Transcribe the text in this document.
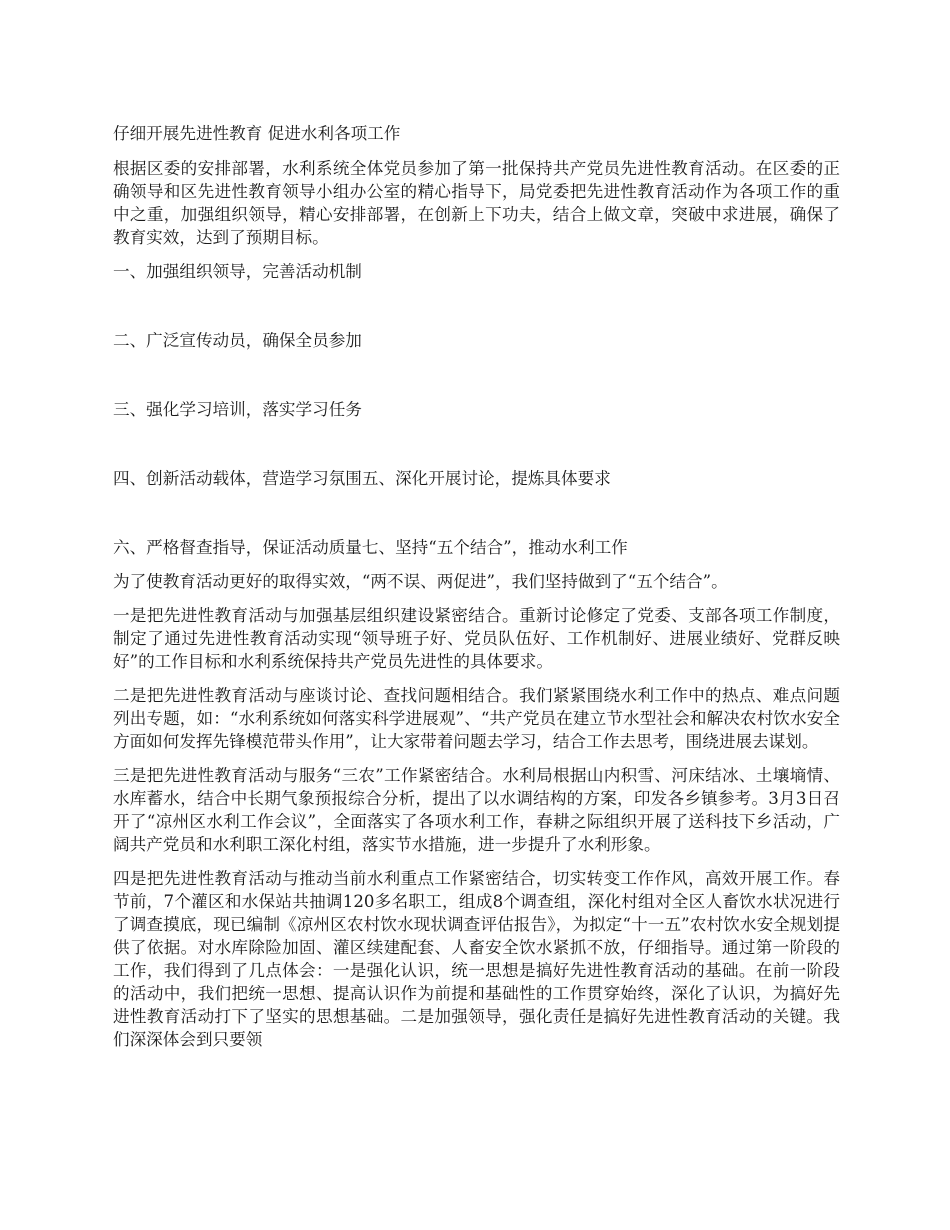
仔细开展先进性教育 促进水利各项工作

根据区委的安排部署，水利系统全体党员参加了第一批保持共产党员先进性教育活动。在区委的正确领导和区先进性教育领导小组办公室的精心指导下，局党委把先进性教育活动作为各项工作的重中之重，加强组织领导，精心安排部署，在创新上下功夫，结合上做文章，突破中求进展，确保了教育实效，达到了预期目标。

一、加强组织领导，完善活动机制

二、广泛宣传动员，确保全员参加

三、强化学习培训，落实学习任务

四、创新活动载体，营造学习氛围五、深化开展讨论，提炼具体要求

六、严格督查指导，保证活动质量七、坚持“五个结合”，推动水利工作

为了使教育活动更好的取得实效，“两不误、两促进”，我们坚持做到了“五个结合”。

一是把先进性教育活动与加强基层组织建设紧密结合。重新讨论修定了党委、支部各项工作制度，制定了通过先进性教育活动实现“领导班子好、党员队伍好、工作机制好、进展业绩好、党群反映好”的工作目标和水利系统保持共产党员先进性的具体要求。

二是把先进性教育活动与座谈讨论、查找问题相结合。我们紧紧围绕水利工作中的热点、难点问题列出专题，如：“水利系统如何落实科学进展观”、“共产党员在建立节水型社会和解决农村饮水安全方面如何发挥先锋模范带头作用”，让大家带着问题去学习，结合工作去思考，围绕进展去谋划。

三是把先进性教育活动与服务“三农”工作紧密结合。水利局根据山内积雪、河床结冰、土壤墒情、水库蓄水，结合中长期气象预报综合分析，提出了以水调结构的方案，印发各乡镇参考。3月3日召开了“凉州区水利工作会议”，全面落实了各项水利工作，春耕之际组织开展了送科技下乡活动，广阔共产党员和水利职工深化村组，落实节水措施，进一步提升了水利形象。

四是把先进性教育活动与推动当前水利重点工作紧密结合，切实转变工作作风，高效开展工作。春节前，7个灌区和水保站共抽调120多名职工，组成8个调查组，深化村组对全区人畜饮水状况进行了调查摸底，现已编制《凉州区农村饮水现状调查评估报告》，为拟定“十一五”农村饮水安全规划提供了依据。对水库除险加固、灌区续建配套、人畜安全饮水紧抓不放，仔细指导。通过第一阶段的工作，我们得到了几点体会：一是强化认识，统一思想是搞好先进性教育活动的基础。在前一阶段的活动中，我们把统一思想、提高认识作为前提和基础性的工作贯穿始终，深化了认识，为搞好先进性教育活动打下了坚实的思想基础。二是加强领导，强化责任是搞好先进性教育活动的关键。我们深深体会到只要领
